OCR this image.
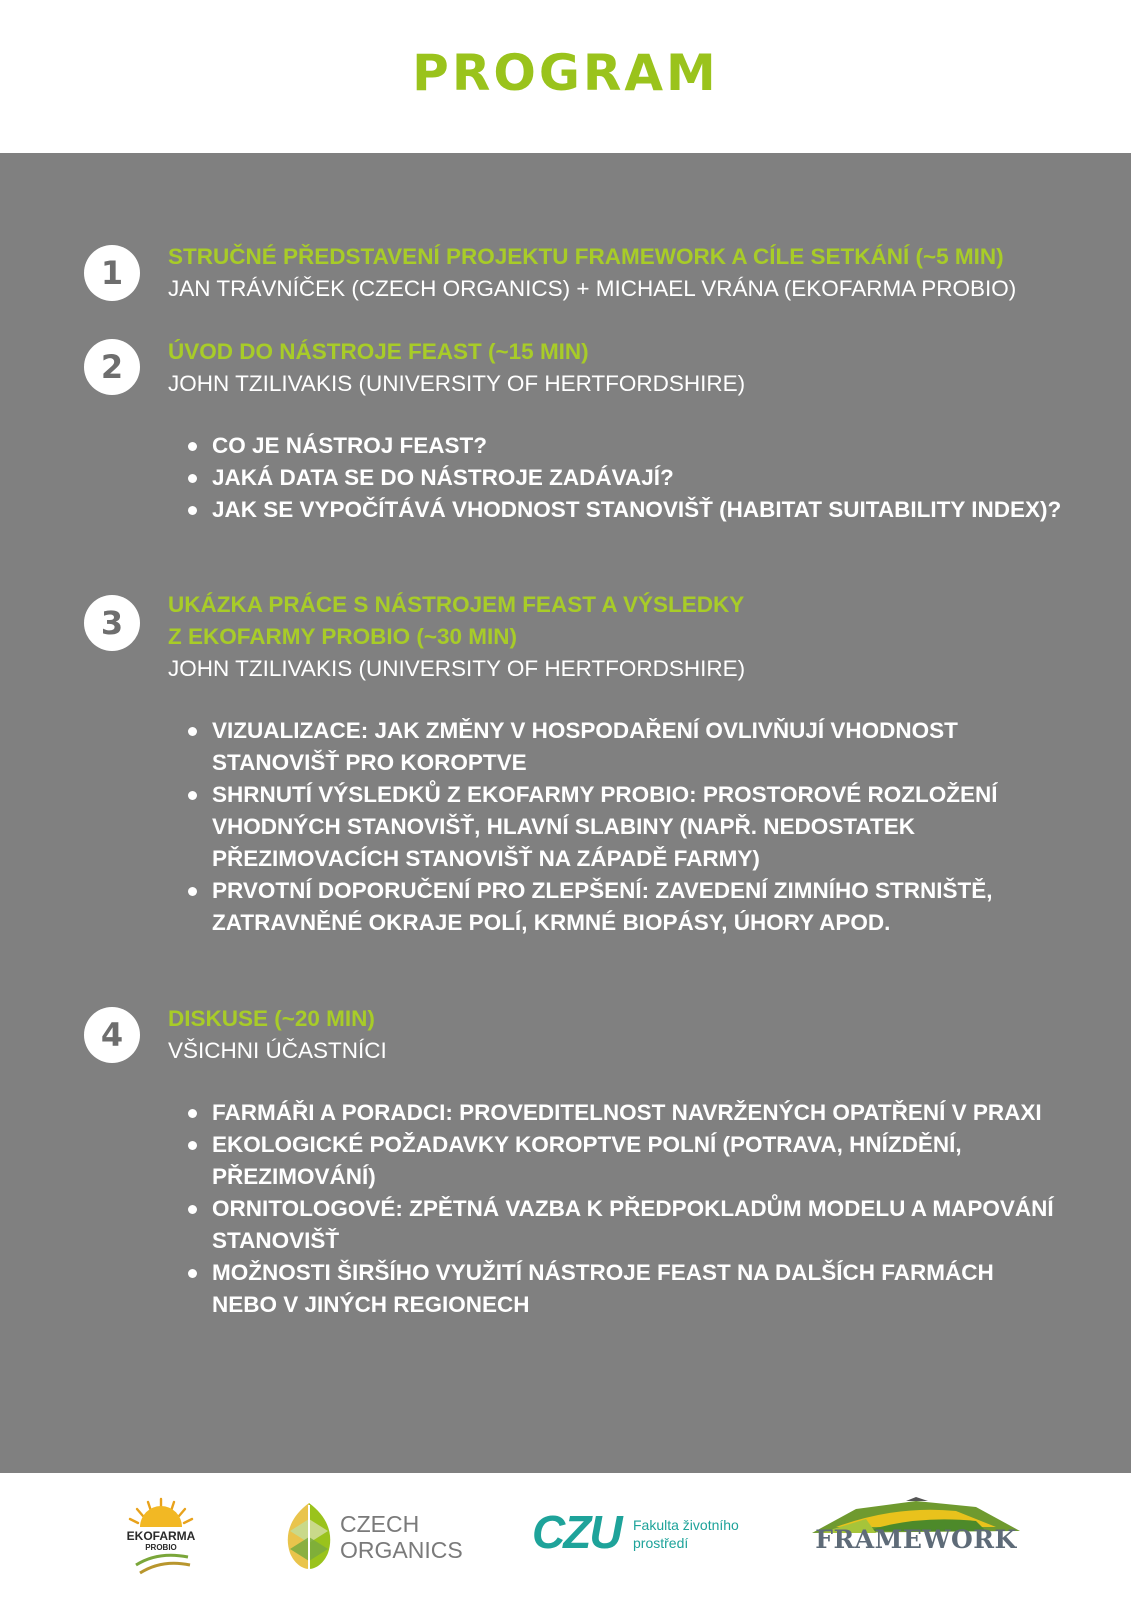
PROGRAM
1	STRUČNÉ PŘEDSTAVENÍ PROJEKTU FRAMEWORK A CÍLE SETKÁNÍ (~5 MIN)

JAN TRÁVNÍČEK (CZECH ORGANICS) + MICHAEL VRÁNA (EKOFARMA PROBIO)

2	ÚVOD DO NÁSTROJE FEAST (~15 MIN)

JOHN TZILIVAKIS (UNIVERSITY OF HERTFORDSHIRE)

CO JE NÁSTROJ FEAST?
JAKÁ DATA SE DO NÁSTROJE ZADÁVAJÍ?
JAK SE VYPOČÍTÁVÁ VHODNOST STANOVIŠŤ (HABITAT SUITABILITY INDEX)?
3	UKÁZKA PRÁCE S NÁSTROJEM FEAST A VÝSLEDKY

Z EKOFARMY PROBIO (~30 MIN)

JOHN TZILIVAKIS (UNIVERSITY OF HERTFORDSHIRE)

VIZUALIZACE: JAK ZMĚNY V HOSPODAŘENÍ OVLIVŇUJÍ VHODNOST STANOVIŠŤ PRO KOROPTVE
SHRNUTÍ VÝSLEDKŮ Z EKOFARMY PROBIO: PROSTOROVÉ ROZLOŽENÍ VHODNÝCH STANOVIŠŤ, HLAVNÍ SLABINY (NAPŘ. NEDOSTATEK PŘEZIMOVACÍCH STANOVIŠŤ NA ZÁPADĚ FARMY)
PRVOTNÍ DOPORUČENÍ PRO ZLEPŠENÍ: ZAVEDENÍ ZIMNÍHO STRNIŠTĚ, ZATRAVNĚNÉ OKRAJE POLÍ, KRMNÉ BIOPÁSY, ÚHORY APOD.
4	DISKUSE (~20 MIN)

VŠICHNI ÚČASTNÍCI

FARMÁŘI A PORADCI: PROVEDITELNOST NAVRŽENÝCH OPATŘENÍ V PRAXI
EKOLOGICKÉ POŽADAVKY KOROPTVE POLNÍ (POTRAVA, HNÍZDĚNÍ, PŘEZIMOVÁNÍ)
ORNITOLOGOVÉ: ZPĚTNÁ VAZBA K PŘEDPOKLADŮM MODELU A MAPOVÁNÍ STANOVIŠŤ
MOŽNOSTI ŠIRŠÍHO VYUŽITÍ NÁSTROJE FEAST NA DALŠÍCH FARMÁCH NEBO V JINÝCH REGIONECH
EKOFARMA
PROBIO
CZECH
ORGANICS CZU Fakulta životního
prostředí	FRAMEWORK
